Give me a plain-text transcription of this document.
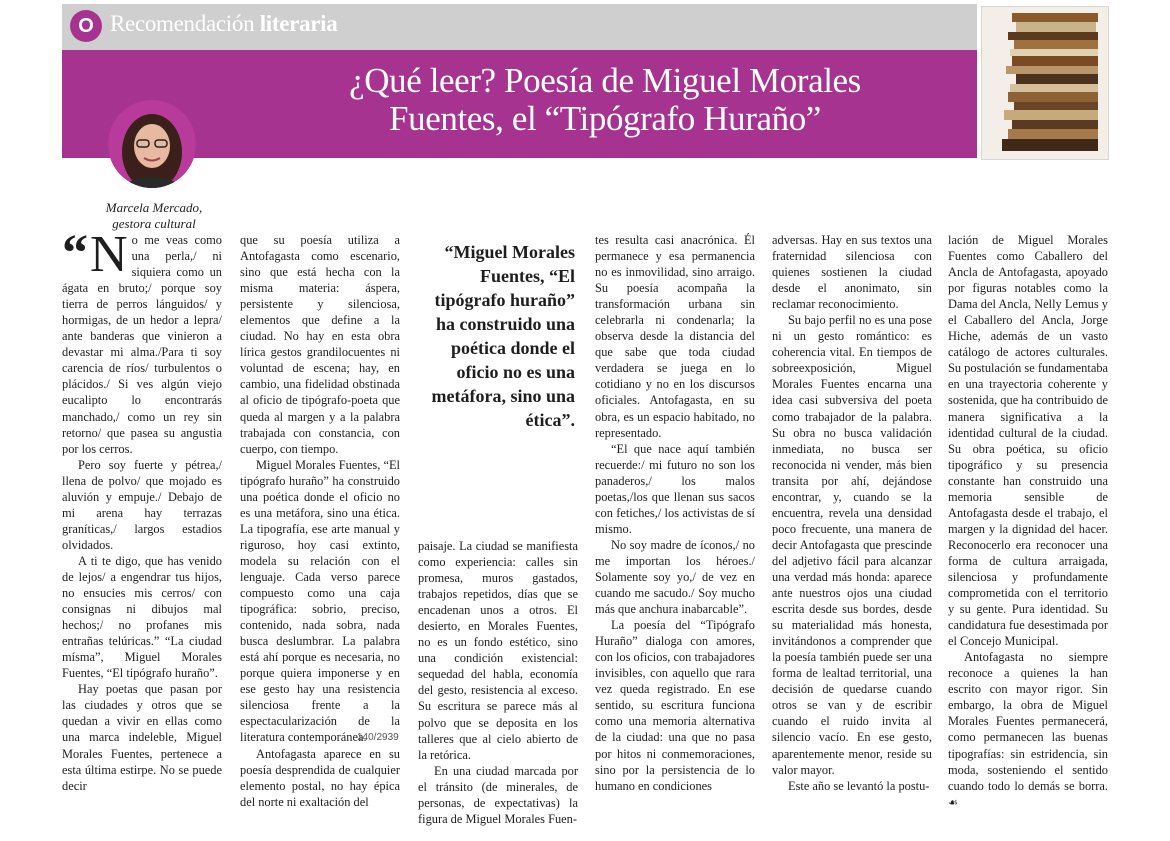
O Recomendación literaria
¿Qué leer? Poesía de Miguel Morales
Fuentes, el “Tipógrafo Huraño”
Marcela Mercado,
gestora cultural

“ N o me veas como una perla,/ ni siquiera como un ágata en bruto;/ porque soy tierra de perros lánguidos/ y hormigas, de un hedor a lepra/ ante banderas que vinieron a devastar mi alma./Para ti soy carencia de ríos/ turbulentos o plácidos./ Si ves algún viejo eucalipto lo encontrarás manchado,/ como un rey sin retorno/ que pasea su angustia por los cerros.

Pero soy fuerte y pétrea,/ llena de polvo/ que mojado es aluvión y empuje./ Debajo de mi arena hay terrazas graníticas,/ largos estadios olvidados.

A ti te digo, que has venido de lejos/ a engendrar tus hijos, no ensucies mis cerros/ con consignas ni dibujos mal hechos;/ no profanes mis entrañas telúricas.” “La ciudad mísma”, Miguel Morales Fuentes, “El tipógrafo huraño”.

Hay poetas que pasan por las ciudades y otros que se quedan a vivir en ellas como una marca indeleble, Miguel Morales Fuentes, pertenece a esta última estirpe. No se puede decir

que su poesía utiliza a Antofagasta como escenario, sino que está hecha con la misma materia: áspera, persistente y silenciosa, elementos que define a la ciudad. No hay en esta obra lírica gestos grandilocuentes ni voluntad de escena; hay, en cambio, una fidelidad obstinada al oficio de tipógrafo-poeta que queda al margen y a la palabra trabajada con constancia, con cuerpo, con tiempo.

Miguel Morales Fuentes, “El tipógrafo huraño” ha construido una poética donde el oficio no es una metáfora, sino una ética. La tipografía, ese arte manual y riguroso, hoy casi extinto, modela su relación con el lenguaje. Cada verso parece compuesto como una caja tipográfica: sobrio, preciso, contenido, nada sobra, nada busca deslumbrar. La palabra está ahí porque es necesaria, no porque quiera imponerse y en ese gesto hay una resistencia silenciosa frente a la espectacularización de la literatura contemporánea.

Antofagasta aparece en su poesía desprendida de cualquier elemento postal, no hay épica del norte ni exaltación del

“Miguel Morales Fuentes, “El tipógrafo huraño” ha construido una poética donde el oficio no es una metáfora, sino una ética”.

paisaje. La ciudad se manifiesta como experiencia: calles sin promesa, muros gastados, trabajos repetidos, días que se encadenan unos a otros. El desierto, en Morales Fuentes, no es un fondo estético, sino una condición existencial: sequedad del habla, economía del gesto, resistencia al exceso. Su escritura se parece más al polvo que se deposita en los talleres que al cielo abierto de la retórica.

En una ciudad marcada por el tránsito (de minerales, de personas, de expectativas) la figura de Miguel Morales Fuen-

tes resulta casi anacrónica. Él permanece y esa permanencia no es inmovilidad, sino arraigo. Su poesía acompaña la transformación urbana sin celebrarla ni condenarla; la observa desde la distancia del que sabe que toda ciudad verdadera se juega en lo cotidiano y no en los discursos oficiales. Antofagasta, en su obra, es un espacio habitado, no representado.

“El que nace aquí también recuerde:/ mi futuro no son los panaderos,/ los malos poetas,/los que llenan sus sacos con fetiches,/ los activistas de sí mismo.

No soy madre de íconos,/ no me importan los héroes./ Solamente soy yo,/ de vez en cuando me sacudo./ Soy mucho más que anchura inabarcable”.

La poesía del “Tipógrafo Huraño” dialoga con amores, con los oficios, con trabajadores invisibles, con aquello que rara vez queda registrado. En ese sentido, su escritura funciona como una memoria alternativa de la ciudad: una que no pasa por hitos ni conmemoraciones, sino por la persistencia de lo humano en condiciones

adversas. Hay en sus textos una fraternidad silenciosa con quienes sostienen la ciudad desde el anonimato, sin reclamar reconocimiento.

Su bajo perfil no es una pose ni un gesto romántico: es coherencia vital. En tiempos de sobreexposición, Miguel Morales Fuentes encarna una idea casi subversiva del poeta como trabajador de la palabra. Su obra no busca validación inmediata, no busca ser reconocida ni vender, más bien transita por ahí, dejándose encontrar, y, cuando se la encuentra, revela una densidad poco frecuente, una manera de decir Antofagasta que prescinde del adjetivo fácil para alcanzar una verdad más honda: aparece ante nuestros ojos una ciudad escrita desde sus bordes, desde su materialidad más honesta, invitándonos a comprender que la poesía también puede ser una forma de lealtad territorial, una decisión de quedarse cuando otros se van y de escribir cuando el ruido invita al silencio vacío. En ese gesto, aparentemente menor, reside su valor mayor.

Este año se levantó la postu-

lación de Miguel Morales Fuentes como Caballero del Ancla de Antofagasta, apoyado por figuras notables como la Dama del Ancla, Nelly Lemus y el Caballero del Ancla, Jorge Hiche, además de un vasto catálogo de actores culturales. Su postulación se fundamentaba en una trayectoria coherente y sostenida, que ha contribuido de manera significativa a la identidad cultural de la ciudad. Su obra poética, su oficio tipográfico y su presencia constante han construido una memoria sensible de Antofagasta desde el trabajo, el margen y la dignidad del hacer. Reconocerlo era reconocer una forma de cultura arraigada, silenciosa y profundamente comprometida con el territorio y su gente. Pura identidad. Su candidatura fue desestimada por el Concejo Municipal.

Antofagasta no siempre reconoce a quienes la han escrito con mayor rigor. Sin embargo, la obra de Miguel Morales Fuentes permanecerá, como permanecen las buenas tipografías: sin estridencia, sin moda, sosteniendo el sentido cuando todo lo demás se borra. ☙

140/2939
